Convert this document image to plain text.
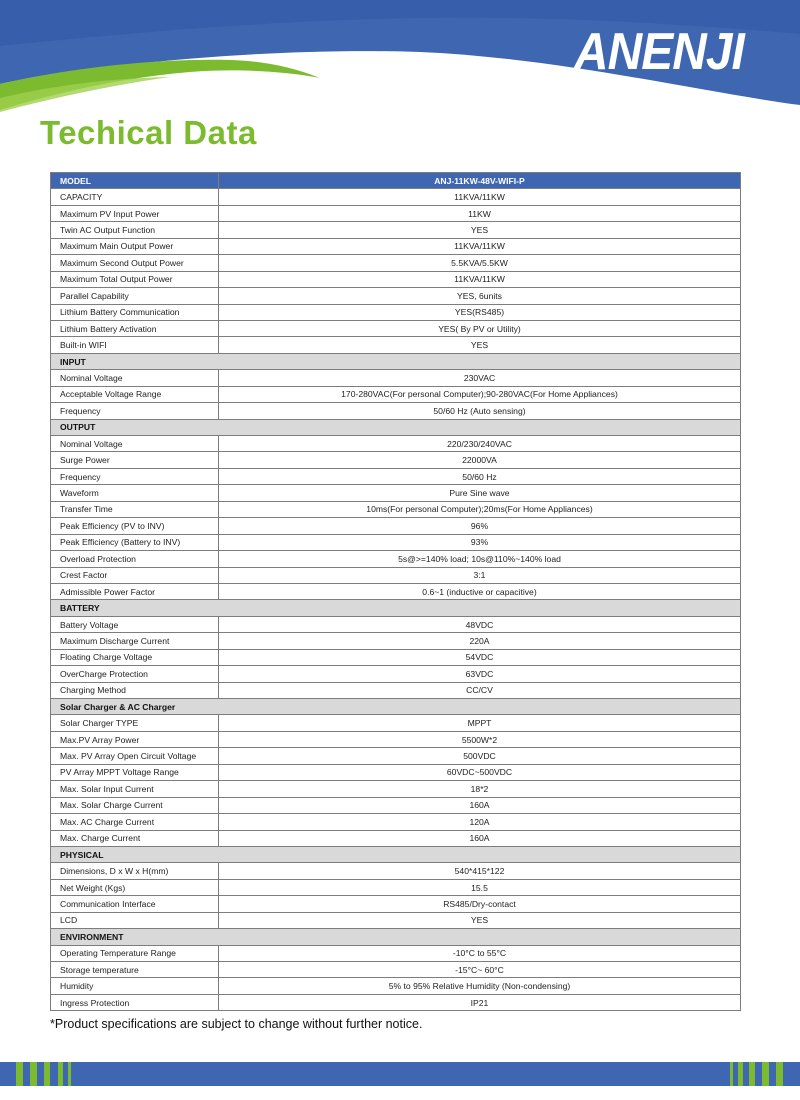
ANENJI
Techical Data
MODEL	ANJ-11KW-48V-WIFI-P
CAPACITY	11KVA/11KW
Maximum PV Input Power	11KW
Twin AC Output Function	YES
Maximum Main Output Power	11KVA/11KW
Maximum Second Output Power	5.5KVA/5.5KW
Maximum Total Output Power	11KVA/11KW
Parallel Capability	YES, 6units
Lithium Battery Communication	YES(RS485)
Lithium Battery Activation	YES( By PV or Utility)
Built-in WIFI	YES
INPUT	
Nominal Voltage	230VAC
Acceptable Voltage Range	170-280VAC(For personal Computer);90-280VAC(For Home Appliances)
Frequency	50/60 Hz (Auto sensing)
OUTPUT	
Nominal Voltage	220/230/240VAC
Surge Power	22000VA
Frequency	50/60 Hz
Waveform	Pure Sine wave
Transfer Time	10ms(For personal Computer);20ms(For Home Appliances)
Peak Efficiency (PV to INV)	96%
Peak Efficiency (Battery to INV)	93%
Overload Protection	5s@>=140% load; 10s@110%~140% load
Crest Factor	3:1
Admissible Power Factor	0.6~1 (inductive or capacitive)
BATTERY	
Battery Voltage	48VDC
Maximum Discharge Current	220A
Floating Charge Voltage	54VDC
OverCharge Protection	63VDC
Charging Method	CC/CV
Solar Charger & AC Charger	
Solar Charger TYPE	MPPT
Max.PV Array Power	5500W*2
Max. PV Array Open Circuit Voltage	500VDC
PV Array MPPT Voltage Range	60VDC~500VDC
Max. Solar Input Current	18*2
Max. Solar Charge Current	160A
Max. AC Charge Current	120A
Max. Charge Current	160A
PHYSICAL	
Dimensions, D x W x H(mm)	540*415*122
Net Weight (Kgs)	15.5
Communication Interface	RS485/Dry-contact
LCD	YES
ENVIRONMENT	
Operating Temperature Range	-10°C to 55°C
Storage temperature	-15°C~ 60°C
Humidity	5% to 95% Relative Humidity (Non-condensing)
Ingress Protection	IP21
*Product specifications are subject to change without further notice.
